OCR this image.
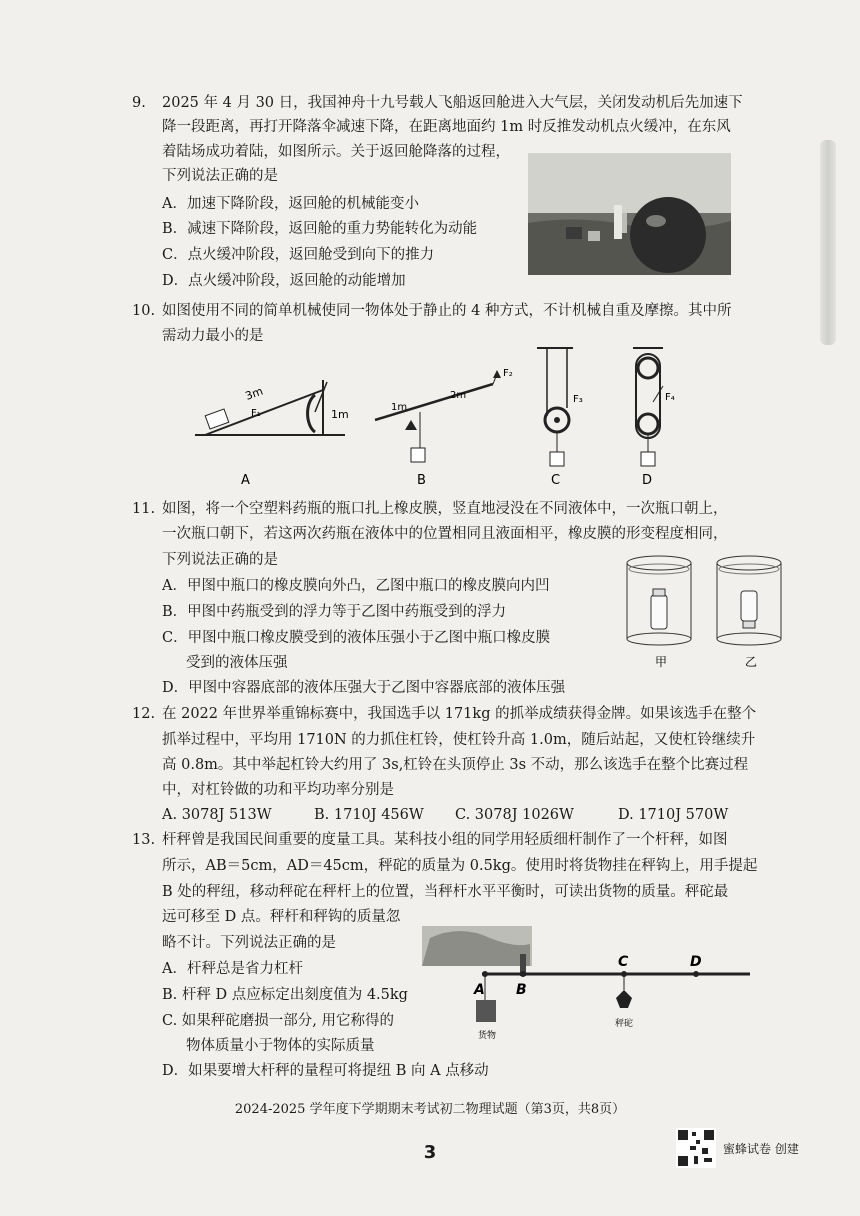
9. 2025 年 4 月 30 日，我国神舟十九号载人飞船返回舱进入大气层，关闭发动机后先加速下
降一段距离，再打开降落伞减速下降，在距离地面约 1m 时反推发动机点火缓冲，在东风
着陆场成功着陆，如图所示。关于返回舱降落的过程，
下列说法正确的是
A．加速下降阶段，返回舱的机械能变小
B．减速下降阶段，返回舱的重力势能转化为动能
C．点火缓冲阶段，返回舱受到向下的推力
D．点火缓冲阶段，返回舱的动能增加
10. 如图使用不同的简单机械使同一物体处于静止的 4 种方式，不计机械自重及摩擦。其中所
需动力最小的是
3m
1m
F₁
A
1m
2m
F₂
B
F₃
C
F₄
D
11. 如图，将一个空塑料药瓶的瓶口扎上橡皮膜，竖直地浸没在不同液体中，一次瓶口朝上，
一次瓶口朝下，若这两次药瓶在液体中的位置相同且液面相平，橡皮膜的形变程度相同，
下列说法正确的是
A．甲图中瓶口的橡皮膜向外凸，乙图中瓶口的橡皮膜向内凹
B．甲图中药瓶受到的浮力等于乙图中药瓶受到的浮力
C．甲图中瓶口橡皮膜受到的液体压强小于乙图中瓶口橡皮膜
受到的液体压强
D．甲图中容器底部的液体压强大于乙图中容器底部的液体压强
甲	乙
12. 在 2022 年世界举重锦标赛中，我国选手以 171kg 的抓举成绩获得金牌。如果该选手在整个
抓举过程中，平均用 1710N 的力抓住杠铃，使杠铃升高 1.0m，随后站起，又使杠铃继续升
高 0.8m。其中举起杠铃大约用了 3s,杠铃在头顶停止 3s 不动，那么该选手在整个比赛过程
中，对杠铃做的功和平均功率分别是
A. 3078J 513W	B. 1710J 456W C. 3078J 1026W	D. 1710J 570W
13. 杆秤曾是我国民间重要的度量工具。某科技小组的同学用轻质细杆制作了一个杆秤，如图
所示，AB＝5cm，AD＝45cm，秤砣的质量为 0.5kg。使用时将货物挂在秤钩上，用手提起
B 处的秤纽，移动秤砣在秤杆上的位置，当秤杆水平平衡时，可读出货物的质量。秤砣最
远可移至 D 点。秤杆和秤钩的质量忽
略不计。下列说法正确的是
A．杆秤总是省力杠杆
B. 杆秤 D 点应标定出刻度值为 4.5kg
C. 如果秤砣磨损一部分, 用它称得的
物体质量小于物体的实际质量
D．如果要增大杆秤的量程可将提纽 B 向 A 点移动
A B
C	D
货物
秤砣
2024-2025 学年度下学期期末考试初二物理试题（第3页，共8页）
3	蜜蜂试卷 创建
